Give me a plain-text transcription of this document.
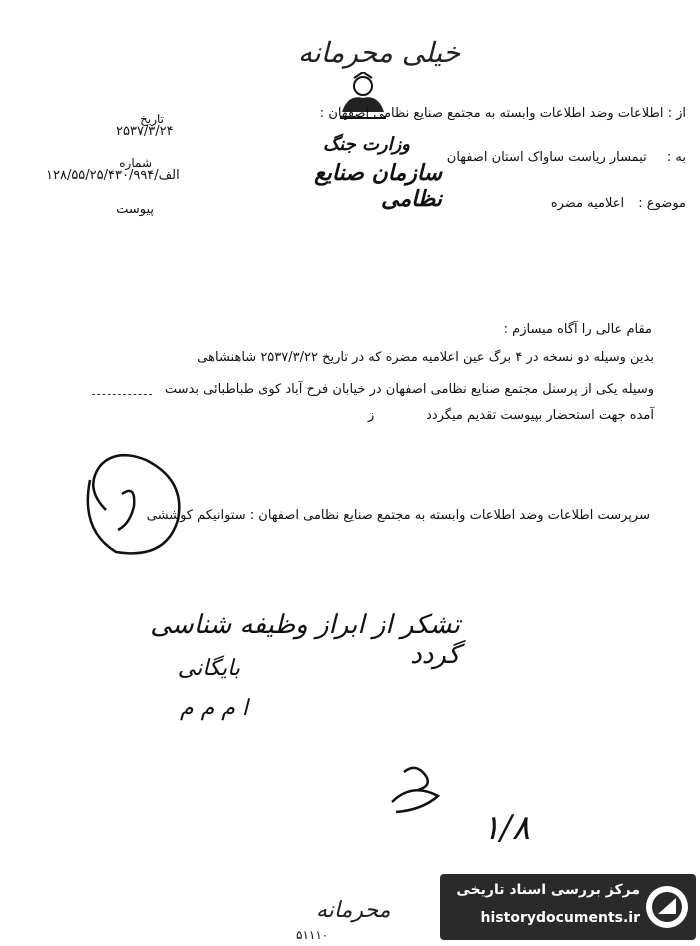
خیلی محرمانه
وزارت جنگ
سازمان صنایع نظامی
از : اطلاعات وضد اطلاعات وابسته به مجتمع صنایع نظامی اصفهان :
به : تیمسار ریاست ساواک استان اصفهان
موضوع : اعلامیه مضره
تاریخ
۲۵۳۷/۳/۲۴
شماره
۱۲۸/۵۵/۲۵/۴۳۰/الف/۹۹۴
پیوست
مقام عالی را آگاه میسازم :
بدین وسیله دو نسخه در ۴ برگ عین اعلامیه مضره که در تاریخ ۲۵۳۷/۳/۲۲ شاهنشاهی
وسیله یکی از پرسنل مجتمع صنایع نظامی اصفهان در خیابان فرح آباد کوی طباطبائی بدست
آمده جهت استحضار بپیوست تقدیم میگردد
ز
سرپرست اطلاعات وضد اطلاعات وابسته به مجتمع صنایع نظامی اصفهان : ستوانیکم کوششی
تشکر از ابراز وظیفه شناسی گردد
بایگانی
ا م م م
۱/۸
محرمانه
۵۱۱۱۰
مرکز بررسی اسناد تاریخی
historydocuments.ir
